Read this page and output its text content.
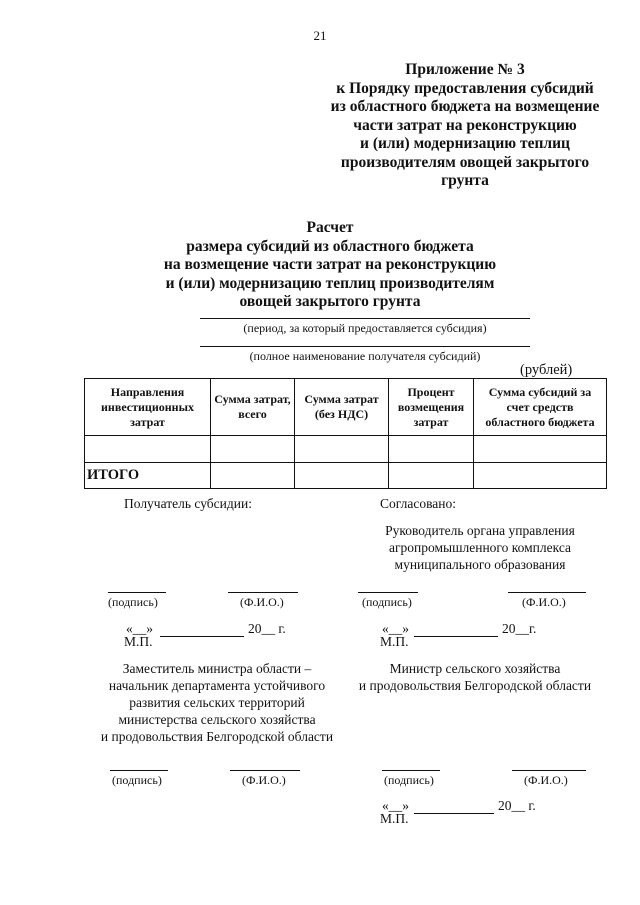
21
Приложение № 3
к Порядку предоставления субсидий
из областного бюджета на возмещение
части затрат на реконструкцию
и (или) модернизацию теплиц
производителям овощей закрытого
грунта
Расчет
размера субсидий из областного бюджета
на возмещение части затрат на реконструкцию
и (или) модернизацию теплиц производителям
овощей закрытого грунта
(период, за который предоставляется субсидия)
(полное наименование получателя субсидий)
(рублей)
Направления инвестиционных затрат	Сумма затрат, всего	Сумма затрат (без НДС)	Процент возмещения затрат	Сумма субсидий за счет средств областного бюджета

ИТОГО				
Получатель субсидии:	Согласовано:
Руководитель органа управления
агропромышленного комплекса
муниципального образования
(подпись)	(Ф.И.О.)	(подпись)	(Ф.И.О.)
«__»	20__ г.
М.П.
«__»	20__г.
М.П.
Заместитель министра области –
начальник департамента устойчивого
развития сельских территорий
министерства сельского хозяйства
и продовольствия Белгородской области
Министр сельского хозяйства
и продовольствия Белгородской области
(подпись)	(Ф.И.О.)	(подпись)	(Ф.И.О.)
«__»	20__ г.
М.П.
